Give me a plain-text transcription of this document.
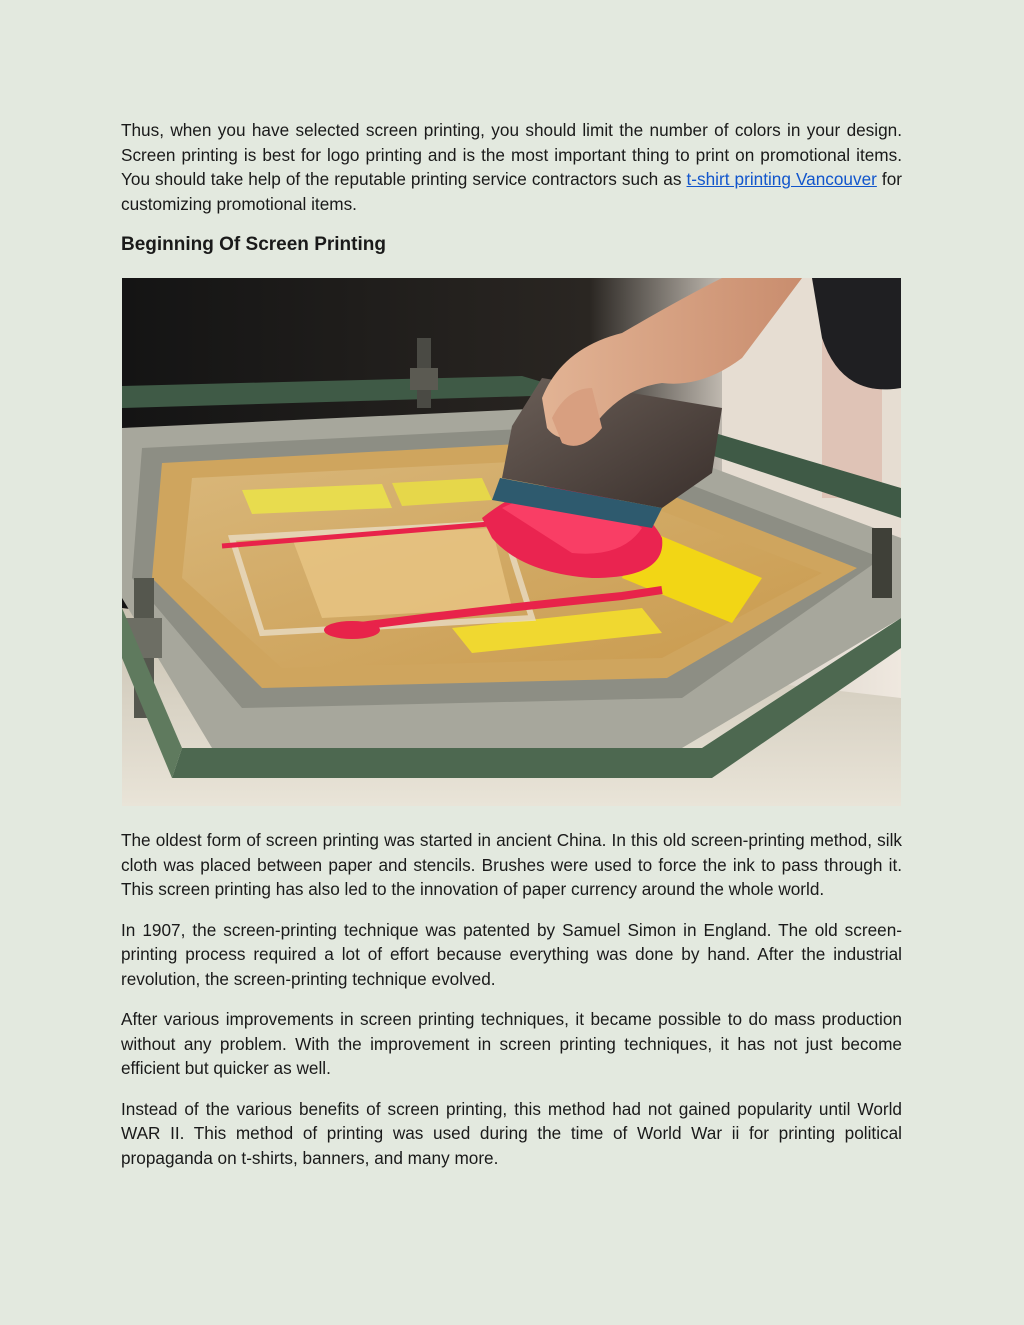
Thus, when you have selected screen printing, you should limit the number of colors in your design. Screen printing is best for logo printing and is the most important thing to print on promotional items. You should take help of the reputable printing service contractors such as t-shirt printing Vancouver for customizing promotional items.

Beginning Of Screen Printing

The oldest form of screen printing was started in ancient China. In this old screen-printing method, silk cloth was placed between paper and stencils. Brushes were used to force the ink to pass through it. This screen printing has also led to the innovation of paper currency around the whole world.

In 1907, the screen-printing technique was patented by Samuel Simon in England. The old screen-printing process required a lot of effort because everything was done by hand. After the industrial revolution, the screen-printing technique evolved.

After various improvements in screen printing techniques, it became possible to do mass production without any problem. With the improvement in screen printing techniques, it has not just become efficient but quicker as well.

Instead of the various benefits of screen printing, this method had not gained popularity until World WAR II. This method of printing was used during the time of World War ii for printing political propaganda on t-shirts, banners, and many more.
